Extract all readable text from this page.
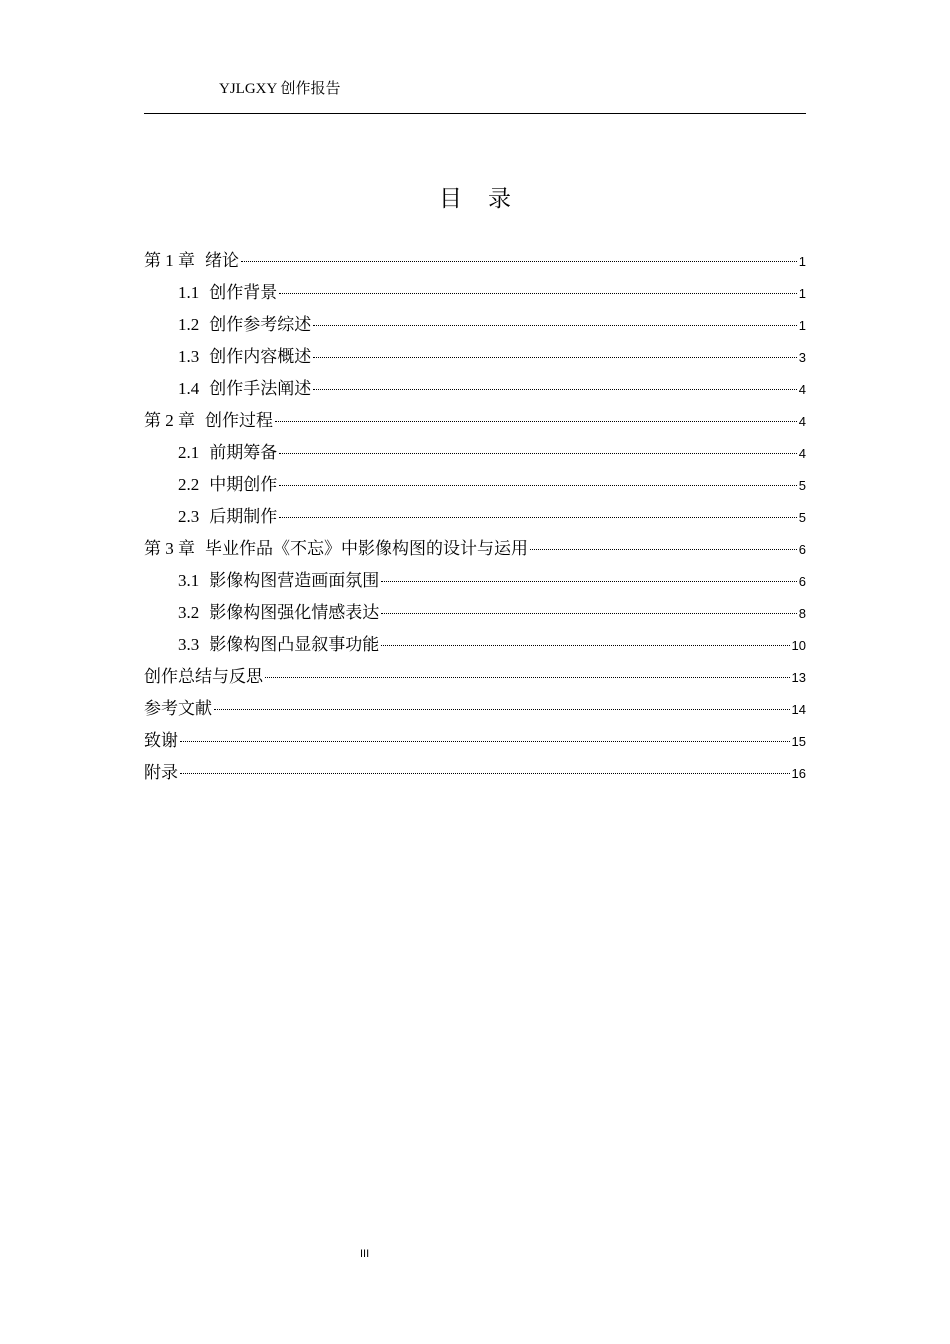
YJLGXY 创作报告
目录
第 1 章 绪论	1
1.1 创作背景	1
1.2 创作参考综述	1
1.3 创作内容概述	3
1.4 创作手法阐述	4
第 2 章 创作过程	4
2.1 前期筹备	4
2.2 中期创作	5
2.3 后期制作	5
第 3 章 毕业作品《不忘》中影像构图的设计与运用	6
3.1 影像构图营造画面氛围	6
3.2 影像构图强化情感表达	8
3.3 影像构图凸显叙事功能	10
创作总结与反思	13
参考文献	14
致谢	15
附录	16
III
